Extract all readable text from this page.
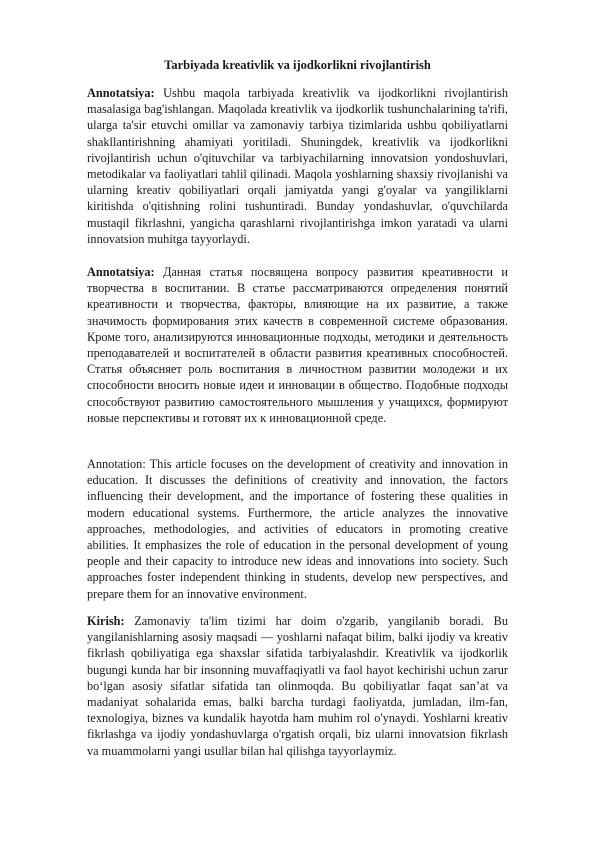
Tarbiyada kreativlik va ijodkorlikni rivojlantirish

Annotatsiya: Ushbu maqola tarbiyada kreativlik va ijodkorlikni rivojlantirish masalasiga bag'ishlangan. Maqolada kreativlik va ijodkorlik tushunchalarining ta'rifi, ularga ta'sir etuvchi omillar va zamonaviy tarbiya tizimlarida ushbu qobiliyatlarni shakllantirishning ahamiyati yoritiladi. Shuningdek, kreativlik va ijodkorlikni rivojlantirish uchun o'qituvchilar va tarbiyachilarning innovatsion yondoshuvlari, metodikalar va faoliyatlari tahlil qilinadi. Maqola yoshlarning shaxsiy rivojlanishi va ularning kreativ qobiliyatlari orqali jamiyatda yangi g'oyalar va yangiliklarni kiritishda o'qitishning rolini tushuntiradi. Bunday yondashuvlar, o'quvchilarda mustaqil fikrlashni, yangicha qarashlarni rivojlantirishga imkon yaratadi va ularni innovatsion muhitga tayyorlaydi.

Annotatsiya: Данная статья посвящена вопросу развития креативности и творчества в воспитании. В статье рассматриваются определения понятий креативности и творчества, факторы, влияющие на их развитие, а также значимость формирования этих качеств в современной системе образования. Кроме того, анализируются инновационные подходы, методики и деятельность преподавателей и воспитателей в области развития креативных способностей. Статья объясняет роль воспитания в личностном развитии молодежи и их способности вносить новые идеи и инновации в общество. Подобные подходы способствуют развитию самостоятельного мышления у учащихся, формируют новые перспективы и готовят их к инновационной среде.

Annotation: This article focuses on the development of creativity and innovation in education. It discusses the definitions of creativity and innovation, the factors influencing their development, and the importance of fostering these qualities in modern educational systems. Furthermore, the article analyzes the innovative approaches, methodologies, and activities of educators in promoting creative abilities. It emphasizes the role of education in the personal development of young people and their capacity to introduce new ideas and innovations into society. Such approaches foster independent thinking in students, develop new perspectives, and prepare them for an innovative environment.

Kirish: Zamonaviy ta'lim tizimi har doim o'zgarib, yangilanib boradi. Bu yangilanishlarning asosiy maqsadi — yoshlarni nafaqat bilim, balki ijodiy va kreativ fikrlash qobiliyatiga ega shaxslar sifatida tarbiyalashdir. Kreativlik va ijodkorlik bugungi kunda har bir insonning muvaffaqiyatli va faol hayot kechirishi uchun zarur bo‘lgan asosiy sifatlar sifatida tan olinmoqda. Bu qobiliyatlar faqat san’at va madaniyat sohalarida emas, balki barcha turdagi faoliyatda, jumladan, ilm-fan, texnologiya, biznes va kundalik hayotda ham muhim rol o'ynaydi. Yoshlarni kreativ fikrlashga va ijodiy yondashuvlarga o'rgatish orqali, biz ularni innovatsion fikrlash va muammolarni yangi usullar bilan hal qilishga tayyorlaymiz.
